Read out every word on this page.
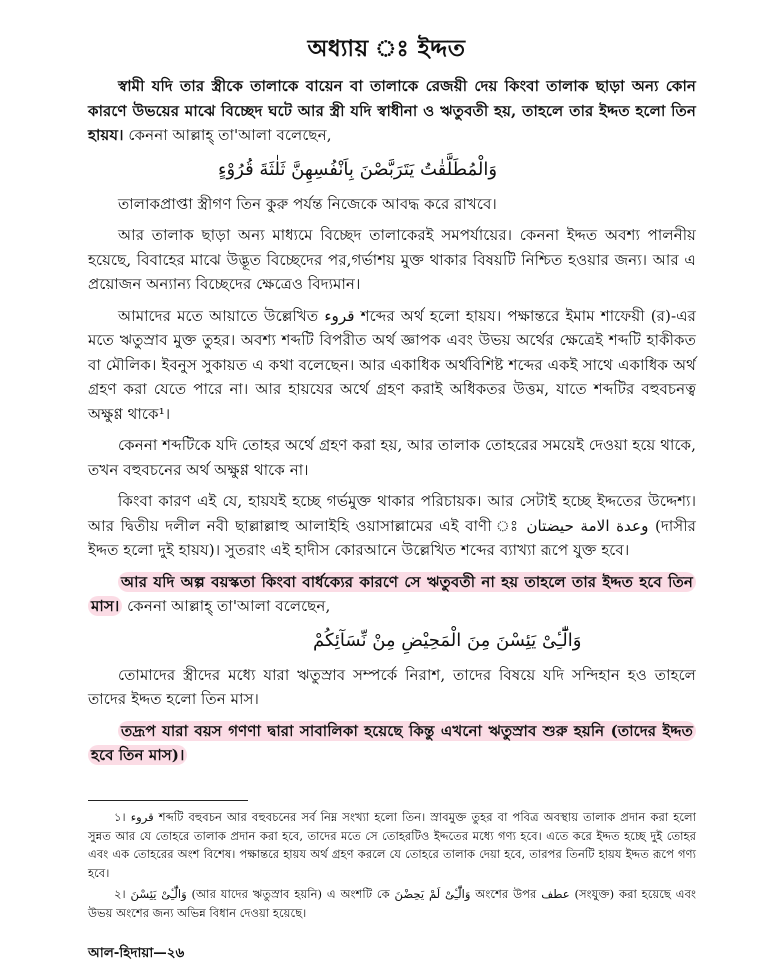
অধ্যায় ঃ ইদ্দত

স্বামী যদি তার স্ত্রীকে তালাকে বায়েন বা তালাকে রেজয়ী দেয় কিংবা তালাক ছাড়া অন্য কোন কারণে উভয়ের মাঝে বিচ্ছেদ ঘটে আর স্ত্রী যদি স্বাধীনা ও ঋতুবতী হয়, তাহলে তার ইদ্দত হলো তিন হায়য। কেননা আল্লাহ্ তা'আলা বলেছেন,

وَالْمُطَلَّقٰتُ يَتَرَبَّصْنَ بِاَنْفُسِهِنَّ ثَلٰثَةَ قُرُوْءٍ

তালাকপ্রাপ্তা স্ত্রীগণ তিন কুরু পর্যন্ত নিজেকে আবদ্ধ করে রাখবে।

আর তালাক ছাড়া অন্য মাধ্যমে বিচ্ছেদ তালাকেরই সমপর্যায়ের। কেননা ইদ্দত অবশ্য পালনীয় হয়েছে, বিবাহের মাঝে উদ্ভূত বিচ্ছেদের পর,গর্ভাশয় মুক্ত থাকার বিষয়টি নিশ্চিত হওয়ার জন্য। আর এ প্রয়োজন অন্যান্য বিচ্ছেদের ক্ষেত্রেও বিদ্যমান।

আমাদের মতে আয়াতে উল্লেখিত قروء শব্দের অর্থ হলো হায়য। পক্ষান্তরে ইমাম শাফেয়ী (র)-এর মতে ঋতুস্রাব মুক্ত তুহর। অবশ্য শব্দটি বিপরীত অর্থ জ্ঞাপক এবং উভয় অর্থের ক্ষেত্রেই শব্দটি হাকীকত বা মৌলিক। ইবনুস সুকায়ত এ কথা বলেছেন। আর একাধিক অর্থবিশিষ্ট শব্দের একই সাথে একাধিক অর্থ গ্রহণ করা যেতে পারে না। আর হায়যের অর্থে গ্রহণ করাই অধিকতর উত্তম, যাতে শব্দটির বহুবচনত্ব অক্ষুণ্ণ থাকে¹।

কেননা শব্দটিকে যদি তোহর অর্থে গ্রহণ করা হয়, আর তালাক তোহরের সময়েই দেওয়া হয়ে থাকে, তখন বহুবচনের অর্থ অক্ষুণ্ণ থাকে না।

কিংবা কারণ এই যে, হায়যই হচ্ছে গর্ভমুক্ত থাকার পরিচায়ক। আর সেটাই হচ্ছে ইদ্দতের উদ্দেশ্য। আর দ্বিতীয় দলীল নবী ছাল্লাল্লাহু আলাইহি ওয়াসাল্লামের এই বাণী ঃ وعدة الامة حيضتان (দাসীর ইদ্দত হলো দুই হায়য)। সুতরাং এই হাদীস কোরআনে উল্লেখিত শব্দের ব্যাখ্যা রূপে যুক্ত হবে।

আর যদি অল্প বয়স্কতা কিংবা বার্ধক্যের কারণে সে ঋতুবতী না হয় তাহলে তার ইদ্দত হবে তিন মাস। কেননা আল্লাহ্ তা'আলা বলেছেন,

وَالّٰٓـِٔىْ يَئِسْنَ مِنَ الْمَحِيْضِ مِنْ نِّسَآئِكُمْ

তোমাদের স্ত্রীদের মধ্যে যারা ঋতুস্রাব সম্পর্কে নিরাশ, তাদের বিষয়ে যদি সন্দিহান হও তাহলে তাদের ইদ্দত হলো তিন মাস।

তদ্রূপ যারা বয়স গণণা দ্বারা সাবালিকা হয়েছে কিন্তু এখনো ঋতুস্রাব শুরু হয়নি (তাদের ইদ্দত হবে তিন মাস)।

১। قروء শব্দটি বহুবচন আর বহুবচনের সর্ব নিম্ন সংখ্যা হলো তিন। স্রাবমুক্ত তুহর বা পবিত্র অবস্থায় তালাক প্রদান করা হলো সুন্নত আর যে তোহরে তালাক প্রদান করা হবে, তাদের মতে সে তোহরটিও ইদ্দতের মধ্যে গণ্য হবে। এতে করে ইদ্দত হচ্ছে দুই তোহর এবং এক তোহরের অংশ বিশেষ। পক্ষান্তরে হায়য অর্থ গ্রহণ করলে যে তোহরে তালাক দেয়া হবে, তারপর তিনটি হায়য ইদ্দত রূপে গণ্য হবে।

২। وَالّٰٓـِٔىْ يَئِسْنَ (আর যাদের ঋতুস্রাব হয়নি) এ অংশটি কে وَالّٰٓـِٔىْ لَمْ يَحِضْنَ অংশের উপর عطف (সংযুক্ত) করা হয়েছে এবং উভয় অংশের জন্য অভিন্ন বিধান দেওয়া হয়েছে।

আল-হিদায়া—২৬
